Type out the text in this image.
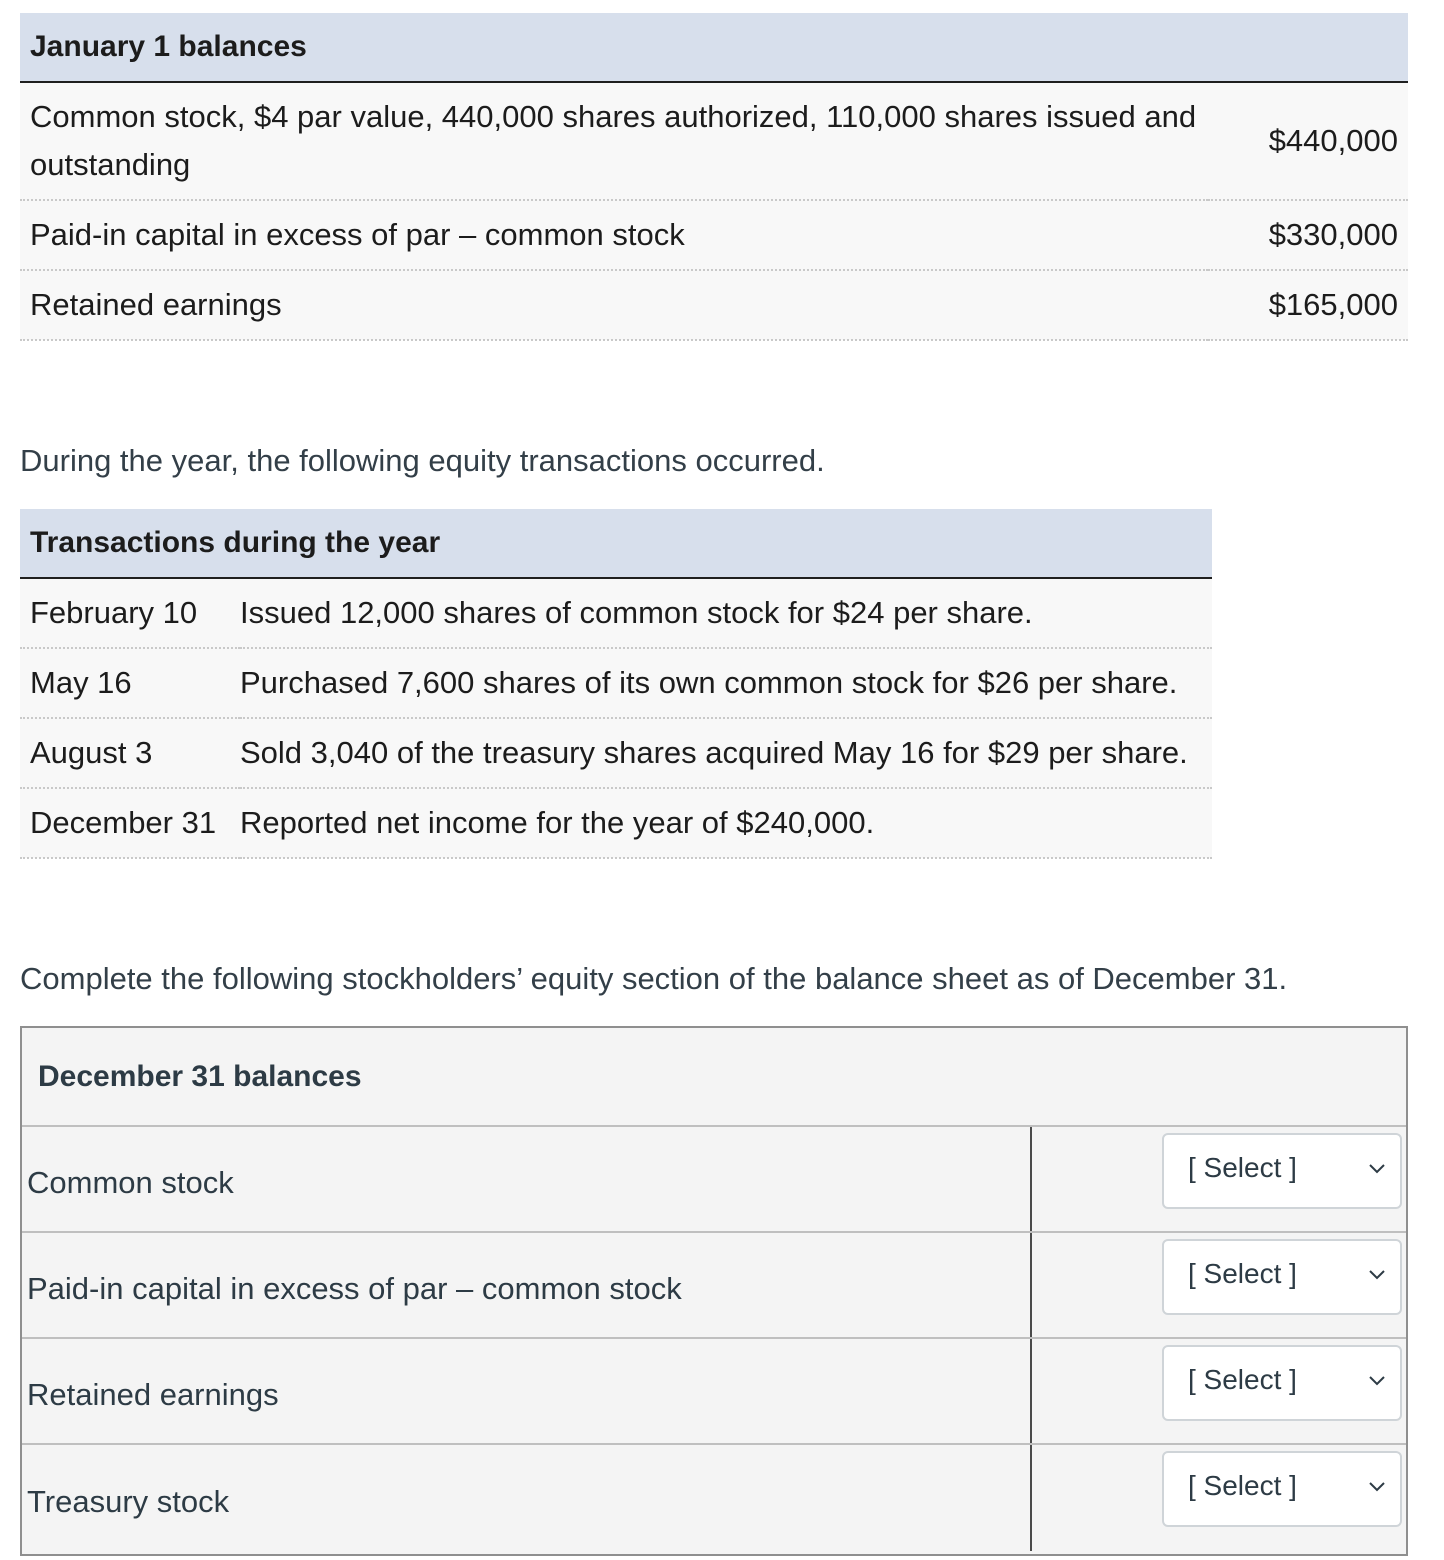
January 1 balances	
Common stock, $4 par value, 440,000 shares authorized, 110,000 shares issued and outstanding	$440,000
Paid-in capital in excess of par – common stock	$330,000
Retained earnings	$165,000
During the year, the following equity transactions occurred.
Transactions during the year	
February 10	Issued 12,000 shares of common stock for $24 per share.
May 16	Purchased 7,600 shares of its own common stock for $26 per share.
August 3	Sold 3,040 of the treasury shares acquired May 16 for $29 per share.
December 31	Reported net income for the year of $240,000.
Complete the following stockholders’ equity section of the balance sheet as of December 31.
December 31 balances
Common stock	[ Select ]
Paid-in capital in excess of par – common stock	[ Select ]
Retained earnings	[ Select ]
Treasury stock	[ Select ]
